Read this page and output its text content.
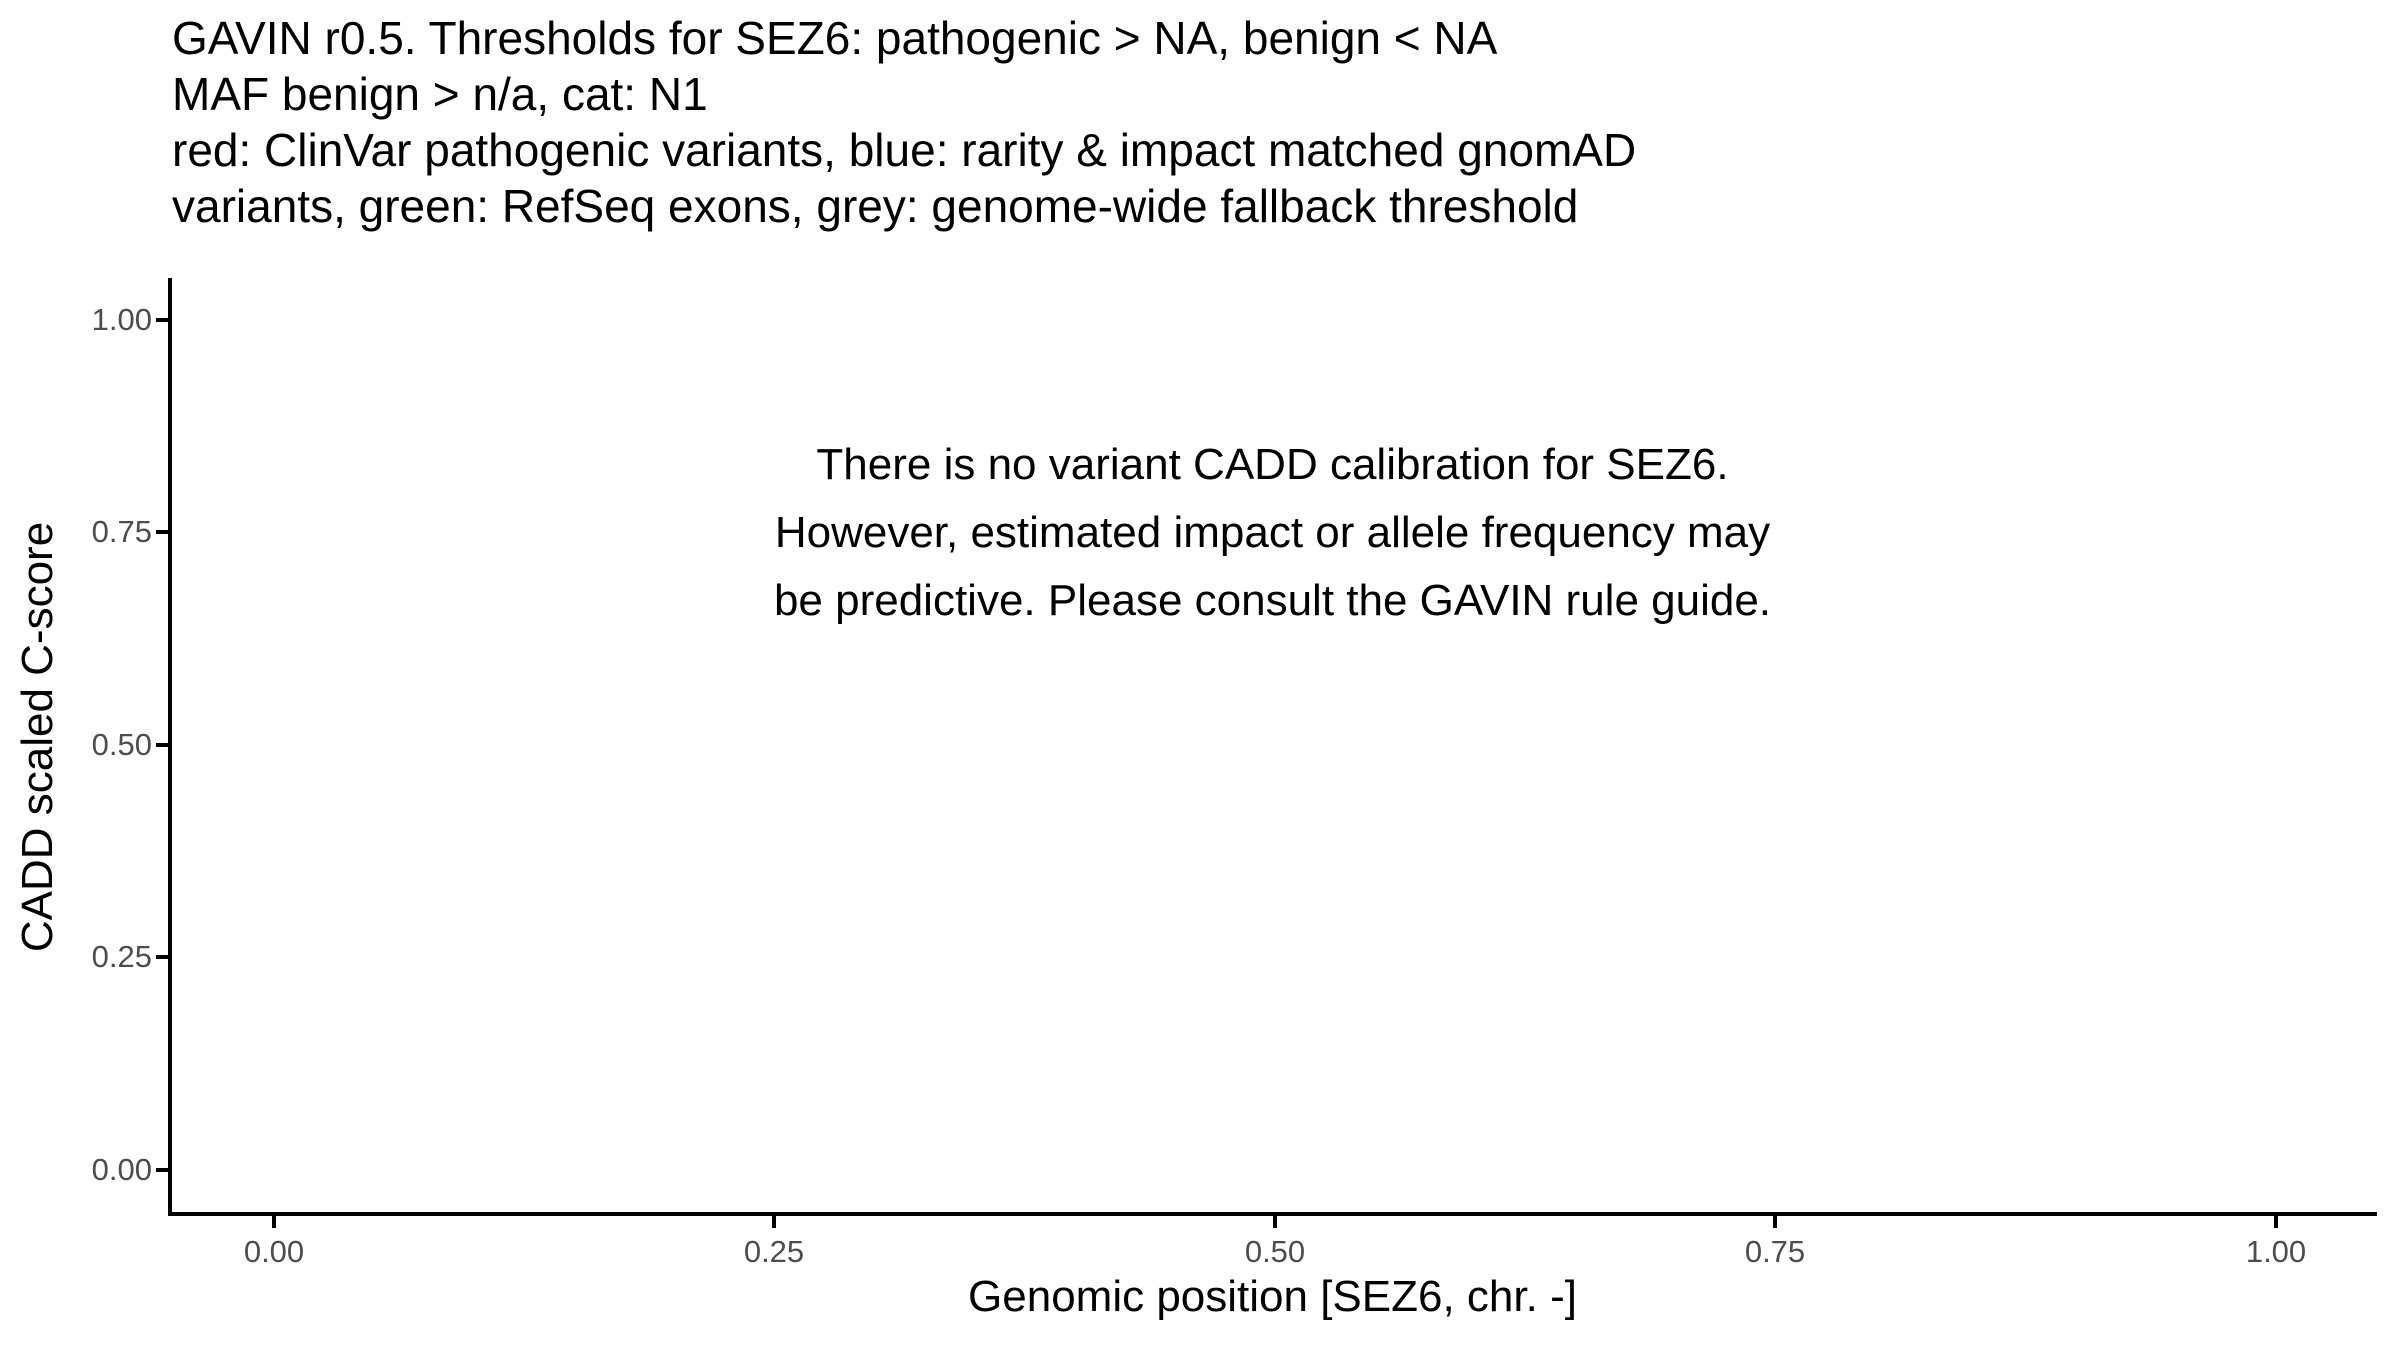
GAVIN r0.5. Thresholds for SEZ6: pathogenic > NA, benign < NA
MAF benign > n/a, cat: N1
red: ClinVar pathogenic variants, blue: rarity & impact matched gnomAD
variants, green: RefSeq exons, grey: genome-wide fallback threshold
1.00
0.75
0.50
0.25
0.00
0.00	0.25	0.50	0.75	1.00
Genomic position [SEZ6, chr. -]
CADD scaled C-score
There is no variant CADD calibration for SEZ6.
However, estimated impact or allele frequency may
be predictive. Please consult the GAVIN rule guide.
